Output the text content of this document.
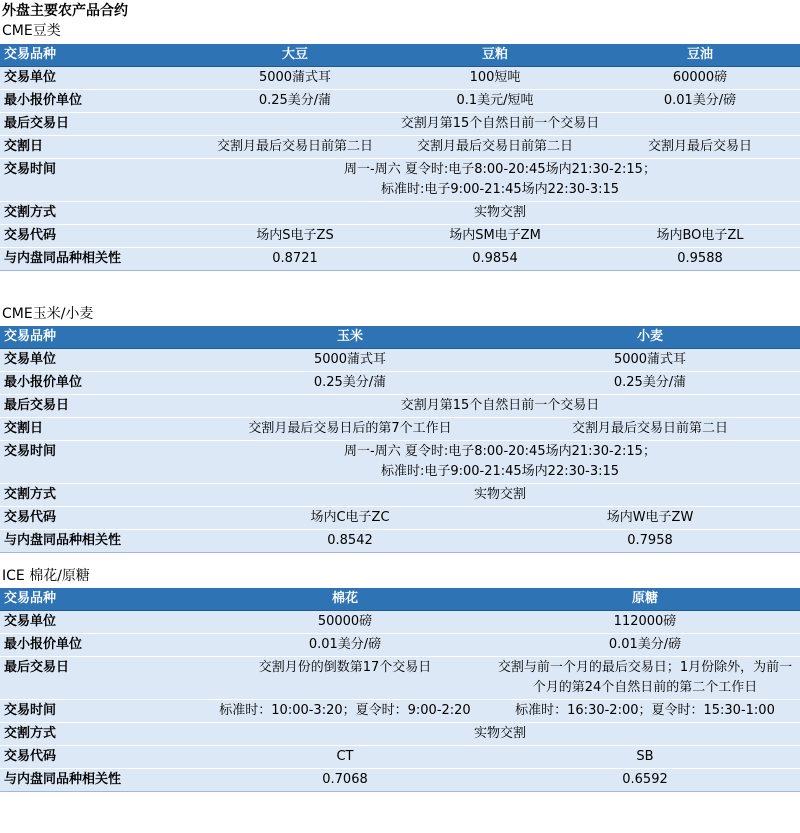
外盘主要农产品合约
CME豆类
交易品种	大豆	豆粕	豆油
交易单位	5000蒲式耳	100短吨	60000磅
最小报价单位	0.25美分/蒲	0.1美元/短吨	0.01美分/磅
最后交易日	交割月第15个自然日前一个交易日		
交割日	交割月最后交易日前第二日	交割月最后交易日前第二日	交割月最后交易日
交易时间	周一-周六 夏令时:电子8:00-20:45场内21:30-2:15；
标准时:电子9:00-21:45场内22:30-3:15		
交割方式	实物交割		
交易代码	场内S电子ZS	场内SM电子ZM	场内BO电子ZL
与内盘同品种相关性	0.8721	0.9854	0.9588
CME玉米/小麦
交易品种	玉米	小麦
交易单位	5000蒲式耳	5000蒲式耳
最小报价单位	0.25美分/蒲	0.25美分/蒲
最后交易日	交割月第15个自然日前一个交易日	
交割日	交割月最后交易日后的第7个工作日	交割月最后交易日前第二日
交易时间	周一-周六 夏令时:电子8:00-20:45场内21:30-2:15；
标准时:电子9:00-21:45场内22:30-3:15	
交割方式	实物交割	
交易代码	场内C电子ZC	场内W电子ZW
与内盘同品种相关性	0.8542	0.7958
ICE 棉花/原糖
交易品种	棉花	原糖
交易单位	50000磅	112000磅
最小报价单位	0.01美分/磅	0.01美分/磅
最后交易日	交割月份的倒数第17个交易日	交割与前一个月的最后交易日；1月份除外，为前一个月的第24个自然日前的第二个工作日
交易时间	标准时：10:00-3:20；夏令时：9:00-2:20	标准时：16:30-2:00；夏令时：15:30-1:00
交割方式	实物交割	
交易代码	CT	SB
与内盘同品种相关性	0.7068	0.6592
